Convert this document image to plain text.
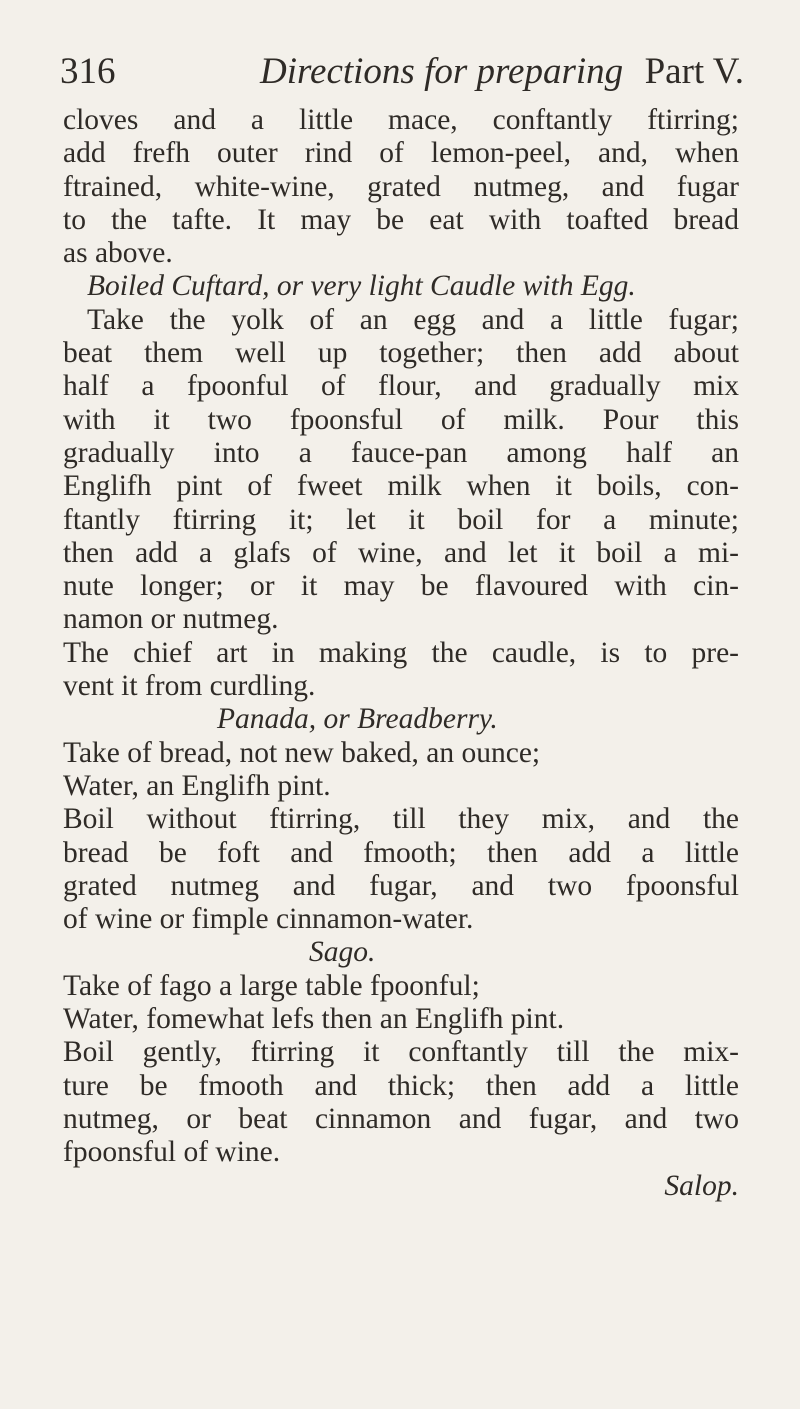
316	Directions for preparing Part V.
cloves and a little mace, conftantly ftirring;
add frefh outer rind of lemon-peel, and, when
ftrained, white-wine, grated nutmeg, and fugar
to the tafte. It may be eat with toafted bread
as above.
Boiled Cuftard, or very light Caudle with Egg.
Take the yolk of an egg and a little fugar;
beat them well up together; then add about
half a fpoonful of flour, and gradually mix
with it two fpoonsful of milk. Pour this
gradually into a fauce-pan among half an
Englifh pint of fweet milk when it boils, con-
ftantly ftirring it; let it boil for a minute;
then add a glafs of wine, and let it boil a mi-
nute longer; or it may be flavoured with cin-
namon or nutmeg.
The chief art in making the caudle, is to pre-
vent it from curdling.
Panada, or Breadberry.
Take of bread, not new baked, an ounce;
Water, an Englifh pint.
Boil without ftirring, till they mix, and the
bread be foft and fmooth; then add a little
grated nutmeg and fugar, and two fpoonsful
of wine or fimple cinnamon-water.
Sago.
Take of fago a large table fpoonful;
Water, fomewhat lefs then an Englifh pint.
Boil gently, ftirring it conftantly till the mix-
ture be fmooth and thick; then add a little
nutmeg, or beat cinnamon and fugar, and two
fpoonsful of wine.
Salop.
